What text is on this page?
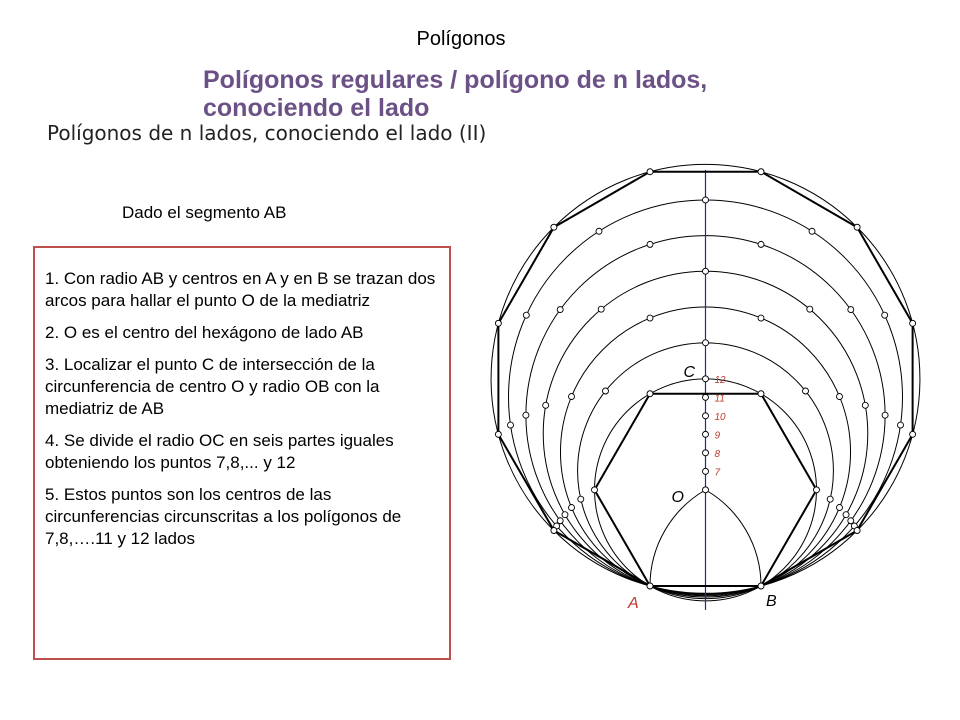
Polígonos
Polígonos regulares / polígono de n lados, conociendo el lado
Polígonos de n lados, conociendo el lado (II)
Dado el segmento AB

1. Con radio AB y centros en A y en B se trazan dos arcos para hallar el punto O de la mediatriz

2. O es el centro del hexágono de lado AB

3. Localizar el punto C de intersección de la circunferencia de centro O y radio OB con la mediatriz de AB

4. Se divide el radio OC en seis partes iguales obteniendo los puntos 7,8,... y 12

5. Estos puntos son los centros de las circunferencias circunscritas a los polígonos de 7,8,….11 y 12 lados

7
8
9
10
11
12
A	B
C
O
